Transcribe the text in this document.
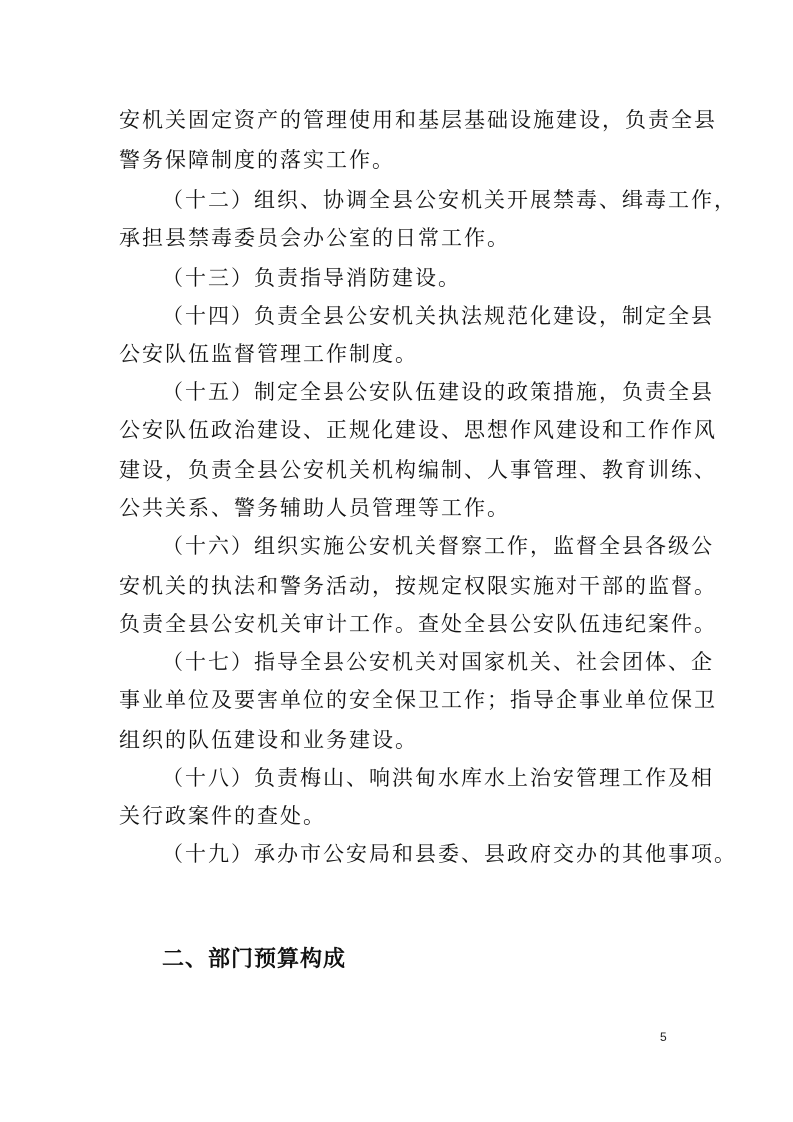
安机关固定资产的管理使用和基层基础设施建设，负责全县
警务保障制度的落实工作。
（十二）组织、协调全县公安机关开展禁毒、缉毒工作，
承担县禁毒委员会办公室的日常工作。
（十三）负责指导消防建设。
（十四）负责全县公安机关执法规范化建设，制定全县
公安队伍监督管理工作制度。
（十五）制定全县公安队伍建设的政策措施，负责全县
公安队伍政治建设、正规化建设、思想作风建设和工作作风
建设，负责全县公安机关机构编制、人事管理、教育训练、
公共关系、警务辅助人员管理等工作。
（十六）组织实施公安机关督察工作，监督全县各级公
安机关的执法和警务活动，按规定权限实施对干部的监督。
负责全县公安机关审计工作。查处全县公安队伍违纪案件。
（十七）指导全县公安机关对国家机关、社会团体、企
事业单位及要害单位的安全保卫工作；指导企事业单位保卫
组织的队伍建设和业务建设。
（十八）负责梅山、响洪甸水库水上治安管理工作及相
关行政案件的查处。
（十九）承办市公安局和县委、县政府交办的其他事项。
二、部门预算构成
5
